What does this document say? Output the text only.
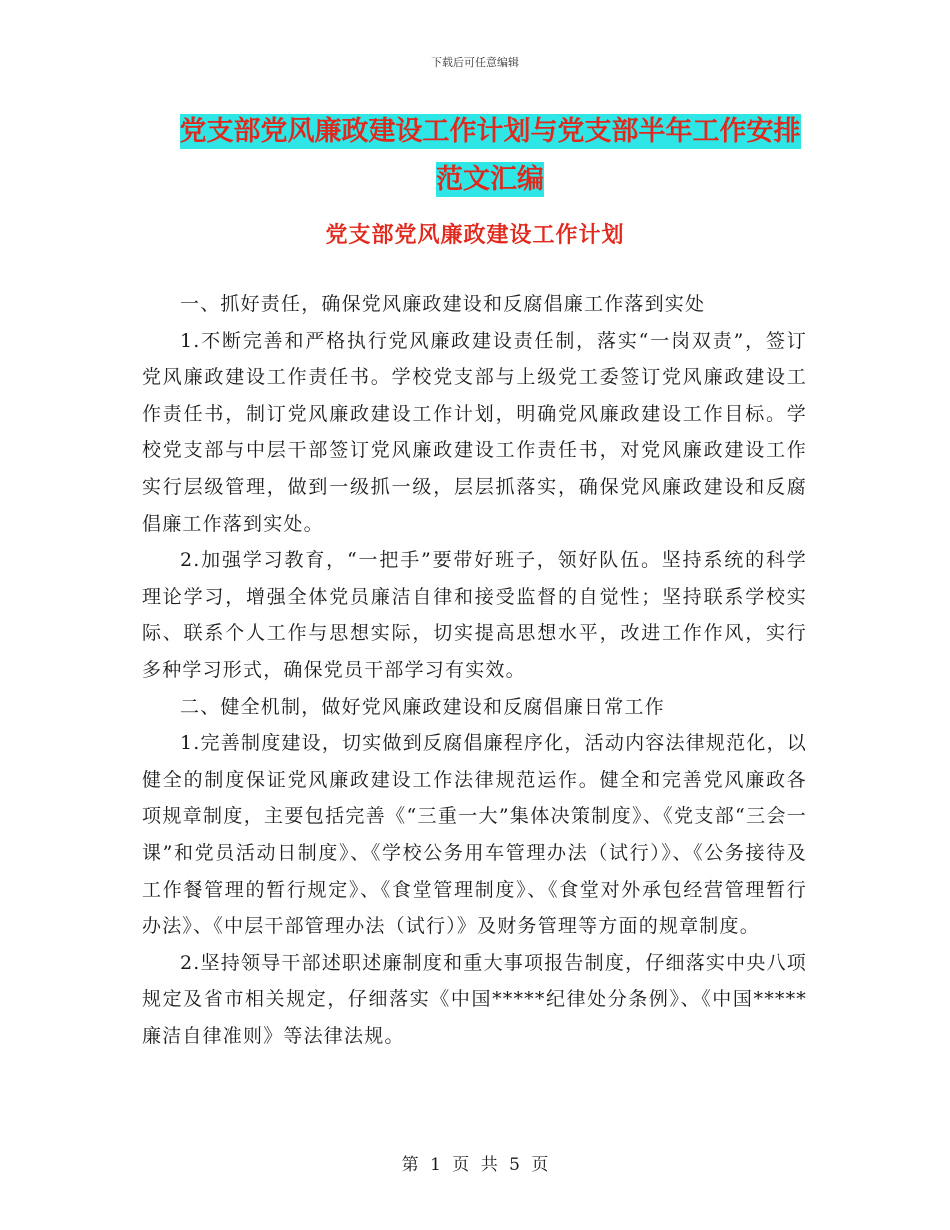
下载后可任意编辑
党支部党风廉政建设工作计划与党支部半年工作安排
范文汇编
党支部党风廉政建设工作计划

一、抓好责任，确保党风廉政建设和反腐倡廉工作落到实处

1.不断完善和严格执行党风廉政建设责任制，落实“一岗双责”，签订党风廉政建设工作责任书。学校党支部与上级党工委签订党风廉政建设工作责任书，制订党风廉政建设工作计划，明确党风廉政建设工作目标。学校党支部与中层干部签订党风廉政建设工作责任书，对党风廉政建设工作实行层级管理，做到一级抓一级，层层抓落实，确保党风廉政建设和反腐倡廉工作落到实处。

2.加强学习教育，“一把手”要带好班子，领好队伍。坚持系统的科学理论学习，增强全体党员廉洁自律和接受监督的自觉性；坚持联系学校实际、联系个人工作与思想实际，切实提高思想水平，改进工作作风，实行多种学习形式，确保党员干部学习有实效。

二、健全机制，做好党风廉政建设和反腐倡廉日常工作

1.完善制度建设，切实做到反腐倡廉程序化，活动内容法律规范化，以健全的制度保证党风廉政建设工作法律规范运作。健全和完善党风廉政各项规章制度，主要包括完善《“三重一大”集体决策制度》、《党支部“三会一课”和党员活动日制度》、《学校公务用车管理办法（试行）》、《公务接待及工作餐管理的暂行规定》、《食堂管理制度》、《食堂对外承包经营管理暂行办法》、《中层干部管理办法（试行）》及财务管理等方面的规章制度。

2.坚持领导干部述职述廉制度和重大事项报告制度，仔细落实中央八项规定及省市相关规定，仔细落实《中国*****纪律处分条例》、《中国*****廉洁自律准则》等法律法规。

第 1 页 共 5 页
